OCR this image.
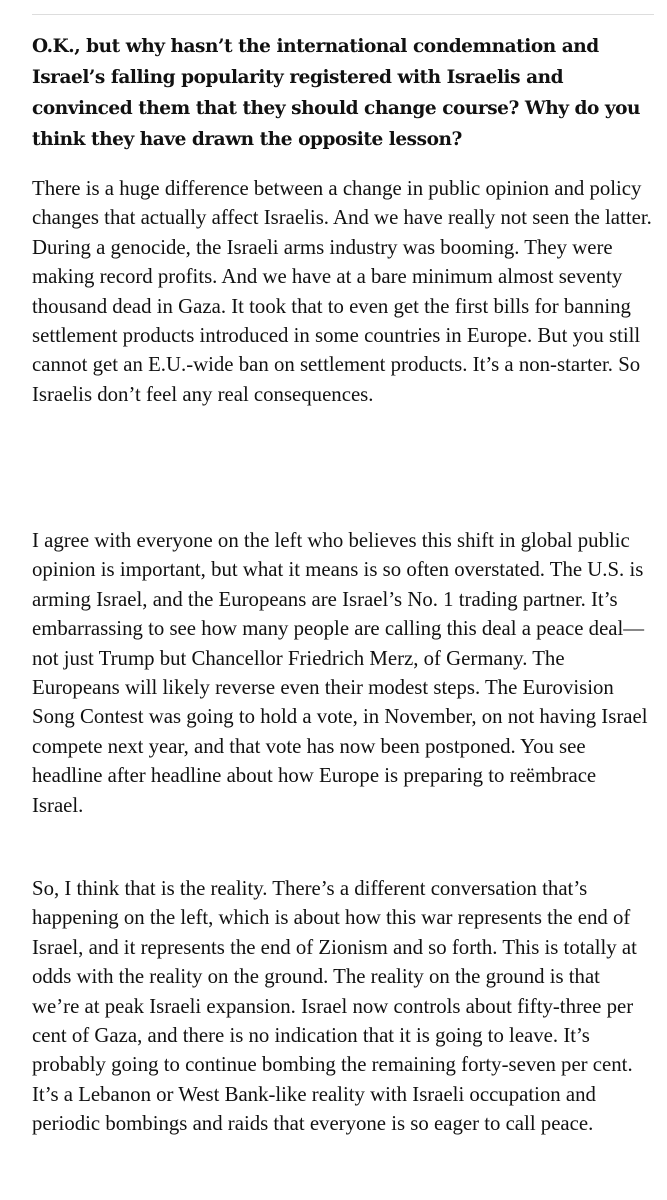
O.K., but why hasn’t the international condemnation and Israel’s falling popularity registered with Israelis and convinced them that they should change course? Why do you think they have drawn the opposite lesson?

There is a huge difference between a change in public opinion and policy changes that actually affect Israelis. And we have really not seen the latter. During a genocide, the Israeli arms industry was booming. They were making record profits. And we have at a bare minimum almost seventy thousand dead in Gaza. It took that to even get the first bills for banning settlement products introduced in some countries in Europe. But you still cannot get an E.U.-wide ban on settlement products. It’s a non-starter. So Israelis don’t feel any real consequences.

I agree with everyone on the left who believes this shift in global public opinion is important, but what it means is so often overstated. The U.S. is arming Israel, and the Europeans are Israel’s No. 1 trading partner. It’s embarrassing to see how many people are calling this deal a peace deal—not just Trump but Chancellor Friedrich Merz, of Germany. The Europeans will likely reverse even their modest steps. The Eurovision Song Contest was going to hold a vote, in November, on not having Israel compete next year, and that vote has now been postponed. You see headline after headline about how Europe is preparing to reëmbrace Israel.

So, I think that is the reality. There’s a different conversation that’s happening on the left, which is about how this war represents the end of Israel, and it represents the end of Zionism and so forth. This is totally at odds with the reality on the ground. The reality on the ground is that we’re at peak Israeli expansion. Israel now controls about fifty-three per cent of Gaza, and there is no indication that it is going to leave. It’s probably going to continue bombing the remaining forty-seven per cent. It’s a Lebanon or West Bank-like reality with Israeli occupation and periodic bombings and raids that everyone is so eager to call peace.
